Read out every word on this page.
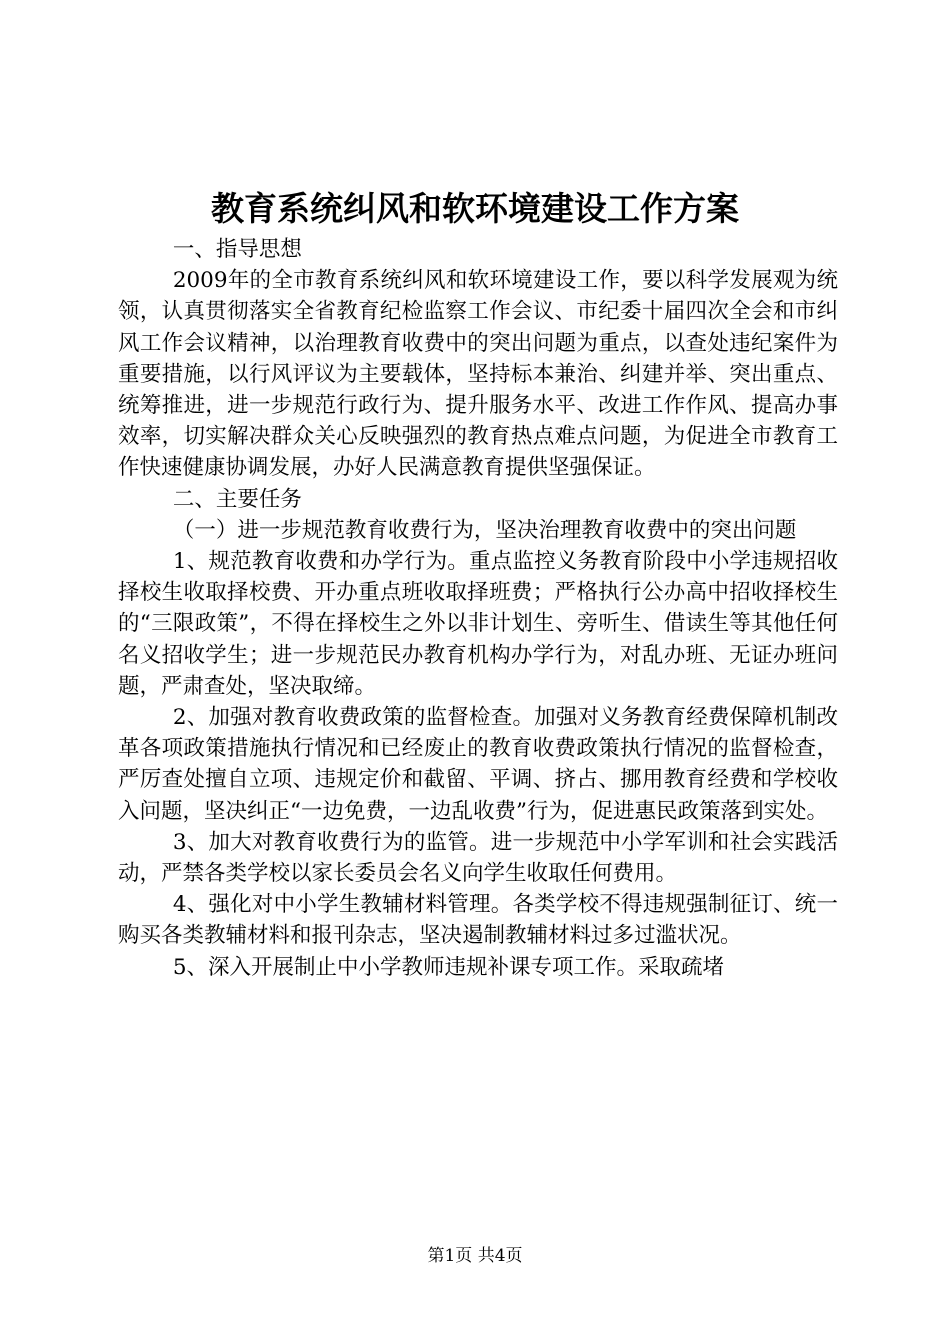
教育系统纠风和软环境建设工作方案

一、指导思想

2009年的全市教育系统纠风和软环境建设工作，要以科学发展观为统领，认真贯彻落实全省教育纪检监察工作会议、市纪委十届四次全会和市纠风工作会议精神，以治理教育收费中的突出问题为重点，以查处违纪案件为重要措施，以行风评议为主要载体，坚持标本兼治、纠建并举、突出重点、统筹推进，进一步规范行政行为、提升服务水平、改进工作作风、提高办事效率，切实解决群众关心反映强烈的教育热点难点问题，为促进全市教育工作快速健康协调发展，办好人民满意教育提供坚强保证。

二、主要任务

（一）进一步规范教育收费行为，坚决治理教育收费中的突出问题

1、规范教育收费和办学行为。重点监控义务教育阶段中小学违规招收择校生收取择校费、开办重点班收取择班费；严格执行公办高中招收择校生的“三限政策”，不得在择校生之外以非计划生、旁听生、借读生等其他任何名义招收学生；进一步规范民办教育机构办学行为，对乱办班、无证办班问题，严肃查处，坚决取缔。

2、加强对教育收费政策的监督检查。加强对义务教育经费保障机制改革各项政策措施执行情况和已经废止的教育收费政策执行情况的监督检查，严厉查处擅自立项、违规定价和截留、平调、挤占、挪用教育经费和学校收入问题，坚决纠正“一边免费，一边乱收费”行为，促进惠民政策落到实处。

3、加大对教育收费行为的监管。进一步规范中小学军训和社会实践活动，严禁各类学校以家长委员会名义向学生收取任何费用。

4、强化对中小学生教辅材料管理。各类学校不得违规强制征订、统一购买各类教辅材料和报刊杂志，坚决遏制教辅材料过多过滥状况。

5、深入开展制止中小学教师违规补课专项工作。采取疏堵

第1页 共4页
